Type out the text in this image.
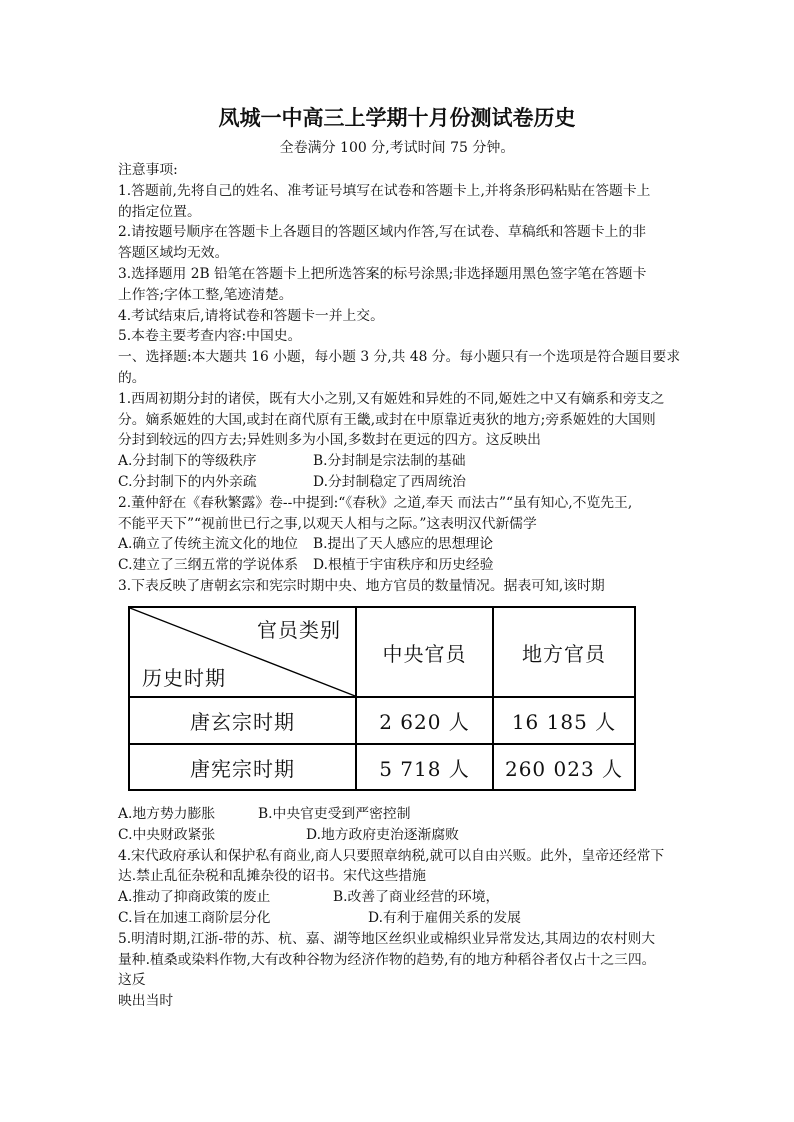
凤城一中高三上学期十月份测试卷历史
全卷满分 100 分,考试时间 75 分钟。
注意事项:
1.答题前,先将自己的姓名、准考证号填写在试卷和答题卡上,并将条形码粘贴在答题卡上
的指定位置。
2.请按题号顺序在答题卡上各题目的答题区域内作答,写在试卷、草稿纸和答题卡上的非
答题区域均无效。
3.选择题用 2B 铅笔在答题卡上把所选答案的标号涂黑;非选择题用黑色签字笔在答题卡
上作答;字体工整,笔迹清楚。
4.考试结束后,请将试卷和答题卡一并上交。
5.本卷主要考查内容:中国史。
一、选择题:本大题共 16 小题，每小题 3 分,共 48 分。每小题只有一个选项是符合题目要求
的。
1.西周初期分封的诸侯，既有大小之别,又有姬姓和异姓的不同,姬姓之中又有嫡系和旁支之
分。嫡系姬姓的大国,或封在商代原有王畿,或封在中原靠近夷狄的地方;旁系姬姓的大国则
分封到较远的四方去;异姓则多为小国,多数封在更远的四方。这反映出
A.分封制下的等级秩序	B.分封制是宗法制的基础
C.分封制下的内外亲疏	D.分封制稳定了西周统治
2.董仲舒在《春秋繁露》卷--中提到:“《春秋》之道,奉天 而法古”“虽有知心,不览先王,
不能平天下”“视前世已行之事,以观天人相与之际。”这表明汉代新儒学
A.确立了传统主流文化的地位 B.提出了天人感应的思想理论
C.建立了三纲五常的学说体系 D.根植于宇宙秩序和历史经验
3.下表反映了唐朝玄宗和宪宗时期中央、地方官员的数量情况。据表可知,该时期
官员类别
历史时期	中央官员	地方官员
唐玄宗时期	2 620 人	16 185 人
唐宪宗时期	5 718 人	260 023 人
A.地方势力膨胀	B.中央官吏受到严密控制
C.中央财政紧张	D.地方政府吏治逐渐腐败
4.宋代政府承认和保护私有商业,商人只要照章纳税,就可以自由兴贩。此外，皇帝还经常下
达.禁止乱征杂税和乱摊杂役的诏书。宋代这些措施
A.推动了抑商政策的废止	B.改善了商业经营的环境，
C.旨在加速工商阶层分化	D.有利于雇佣关系的发展
5.明清时期,江浙-带的苏、杭、嘉、湖等地区丝织业或棉织业异常发达,其周边的农村则大
量种.植桑或染料作物,大有改种谷物为经济作物的趋势,有的地方种稻谷者仅占十之三四。
这反
映出当时
